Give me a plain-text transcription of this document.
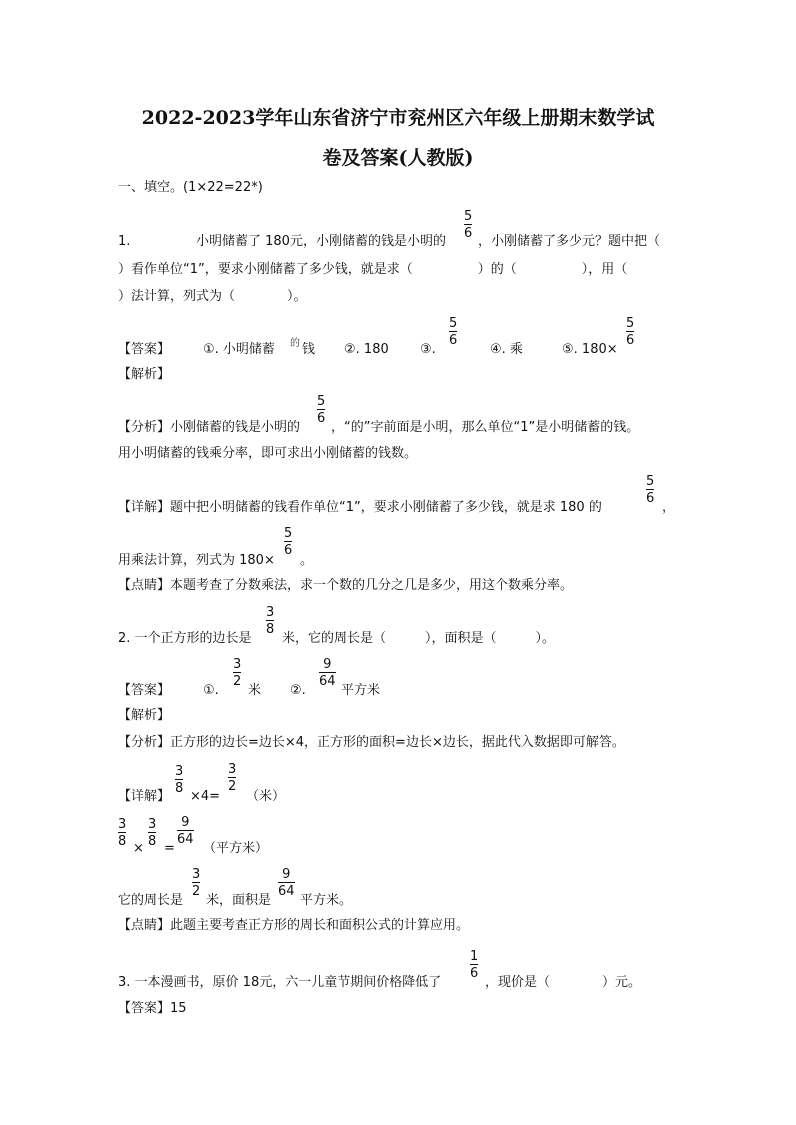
2022-2023学年山东省济宁市兖州区六年级上册期末数学试
卷及答案(人教版)
一、填空。(1×22=22*)
1.	小明储蓄了 180元，小刚储蓄的钱是小明的
5
6
，小刚储蓄了多少元？题中把（
）看作单位“1”，要求小刚储蓄了多少钱，就是求（　　　　　）的（　　　　　），用（
）法计算，列式为（　　　　）。
【答案】	①. 小明储蓄 的 钱 ②. 180 ③.
5
6
④. 乘	⑤. 180×
5
6
【解析】
【分析】小刚储蓄的钱是小明的
5
6
，“的”字前面是小明，那么单位“1”是小明储蓄的钱。
用小明储蓄的钱乘分率，即可求出小刚储蓄的钱数。
【详解】题中把小明储蓄的钱看作单位“1”，要求小刚储蓄了多少钱，就是求 180 的
5
6
，
用乘法计算，列式为 180×
5
6
。
【点睛】本题考查了分数乘法，求一个数的几分之几是多少，用这个数乘分率。
2. 一个正方形的边长是
3
8
米，它的周长是（　　　），面积是（　　　）。
【答案】	①.
3
2
米 ②.
9
64
平方米
【解析】
【分析】正方形的边长=边长×4，正方形的面积=边长×边长，据此代入数据即可解答。
【详解】
3
8
×4=
3
2
（米）
3
8 ×
3
8 =
9
64
（平方米）
它的周长是
3
2
米，面积是
9
64
平方米。
【点睛】此题主要考查正方形的周长和面积公式的计算应用。
3. 一本漫画书，原价 18元，六一儿童节期间价格降低了
1
6
，现价是（　　　　）元。
【答案】15
